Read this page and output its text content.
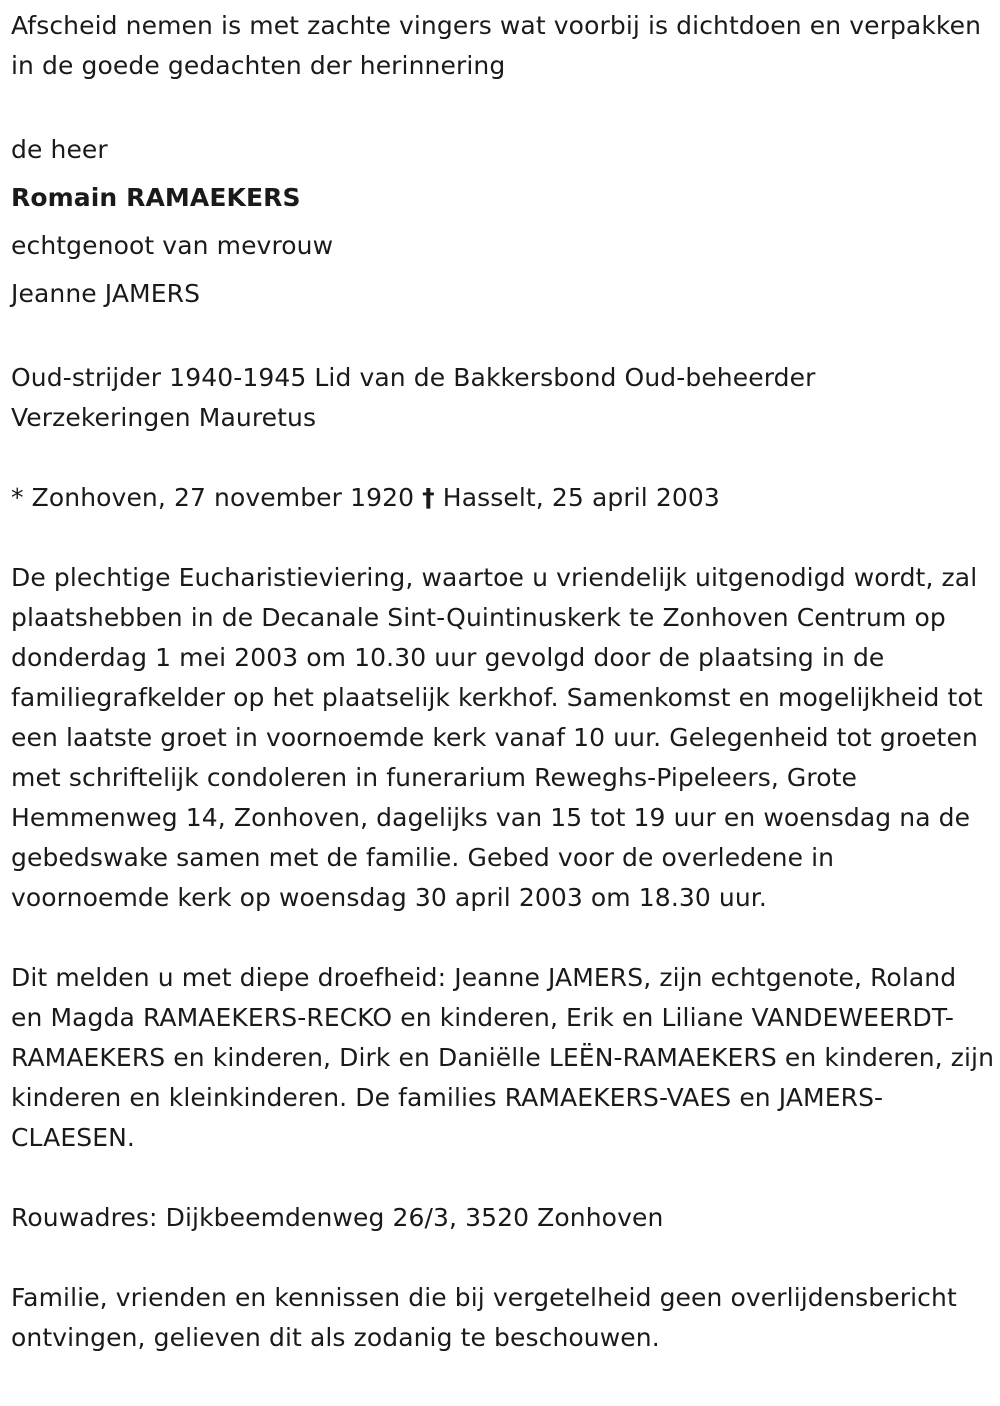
Afscheid nemen is met zachte vingers wat voorbij is dichtdoen en verpakken in de goede gedachten der herinnering

de heer

Romain RAMAEKERS

echtgenoot van mevrouw

Jeanne JAMERS

Oud-strijder 1940-1945 Lid van de Bakkersbond Oud-beheerder Verzekeringen Mauretus

* Zonhoven, 27 november 1920 † Hasselt, 25 april 2003

De plechtige Eucharistieviering, waartoe u vriendelijk uitgenodigd wordt, zal plaatshebben in de Decanale Sint-Quintinuskerk te Zonhoven Centrum op donderdag 1 mei 2003 om 10.30 uur gevolgd door de plaatsing in de familiegrafkelder op het plaatselijk kerkhof. Samenkomst en mogelijkheid tot een laatste groet in voornoemde kerk vanaf 10 uur. Gelegenheid tot groeten met schriftelijk condoleren in funerarium Reweghs-Pipeleers, Grote Hemmenweg 14, Zonhoven, dagelijks van 15 tot 19 uur en woensdag na de gebedswake samen met de familie. Gebed voor de overledene in voornoemde kerk op woensdag 30 april 2003 om 18.30 uur.

Dit melden u met diepe droefheid: Jeanne JAMERS, zijn echtgenote, Roland en Magda RAMAEKERS-RECKO en kinderen, Erik en Liliane VANDEWEERDT-RAMAEKERS en kinderen, Dirk en Daniëlle LEËN-RAMAEKERS en kinderen, zijn kinderen en kleinkinderen. De families RAMAEKERS-VAES en JAMERS-CLAESEN.

Rouwadres: Dijkbeemdenweg 26/3, 3520 Zonhoven

Familie, vrienden en kennissen die bij vergetelheid geen overlijdensbericht ontvingen, gelieven dit als zodanig te beschouwen.
